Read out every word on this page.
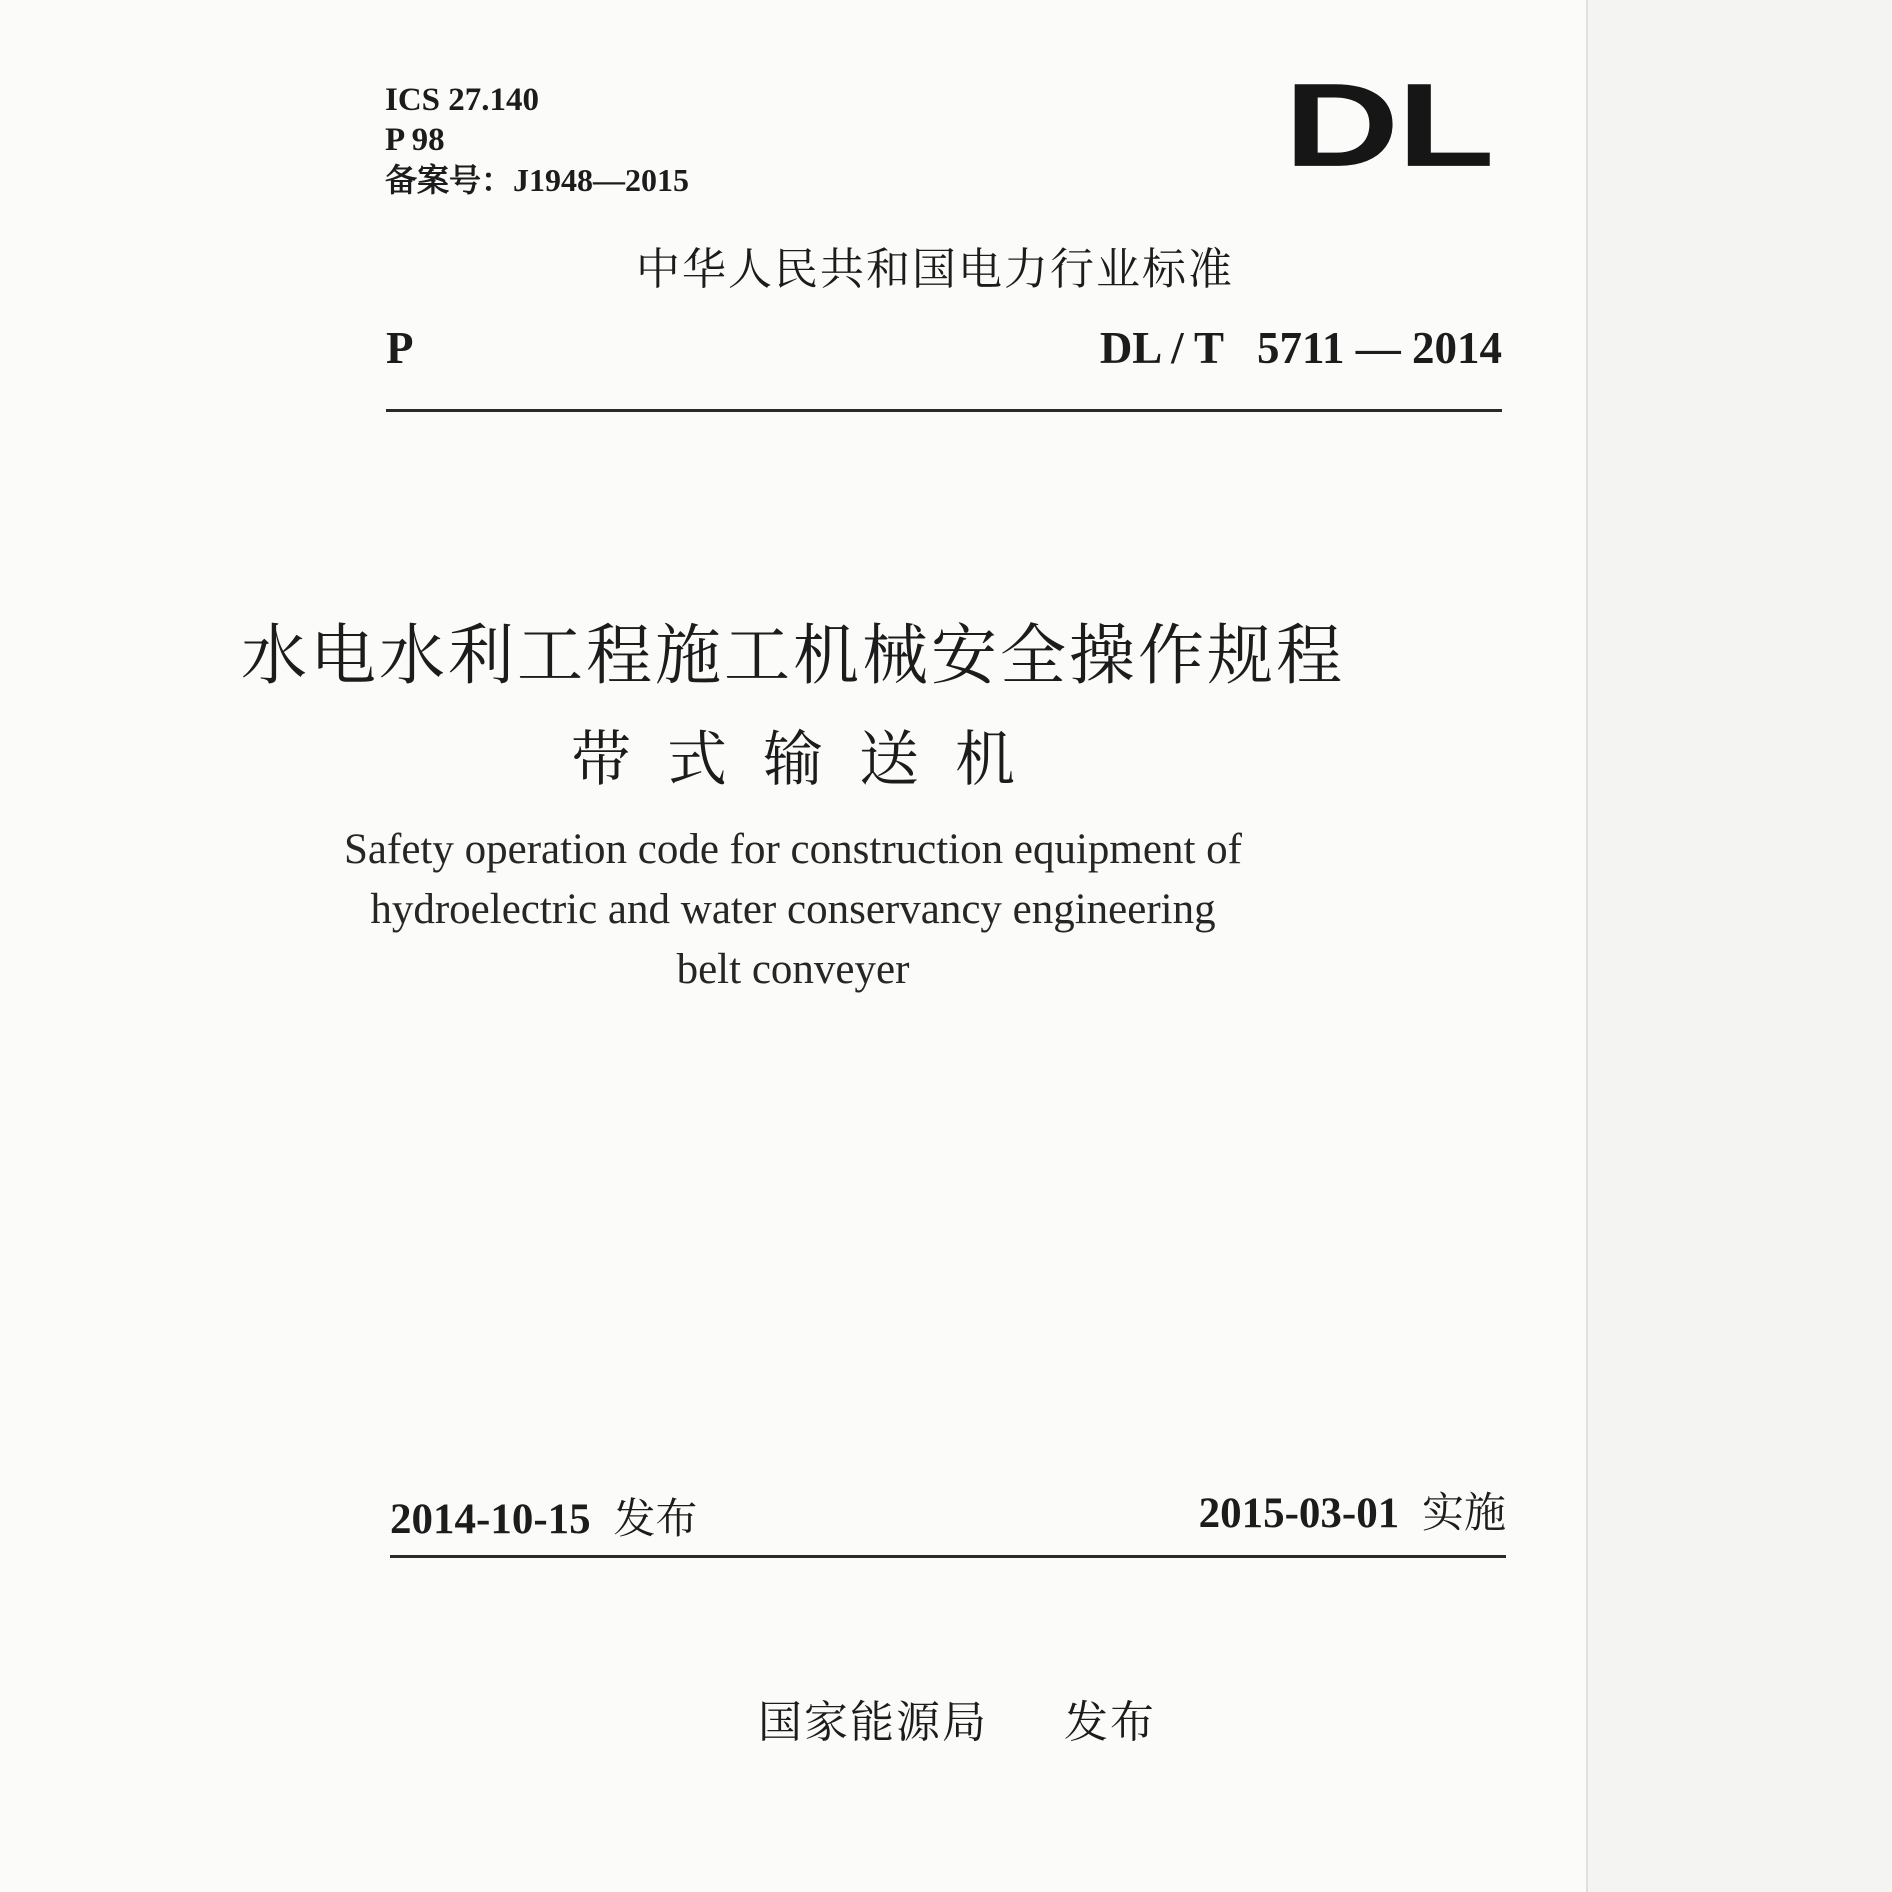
ICS 27.140
P 98
备案号：J1948—2015	DL
中华人民共和国电力行业标准
P	DL / T   5711 — 2014
水电水利工程施工机械安全操作规程
带式输送机
Safety operation code for construction equipment of
hydroelectric and water conservancy engineering
belt conveyer
2014-10-15 发布	2015-03-01 实施
国家能源局 发布
